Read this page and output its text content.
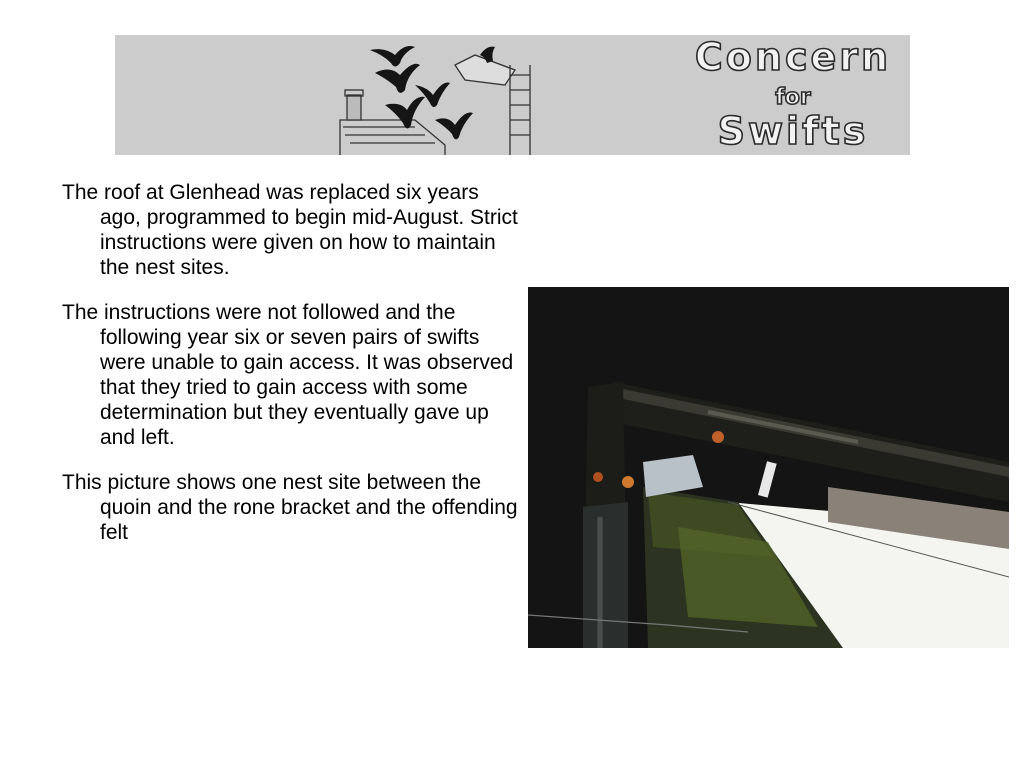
Concern
for
Swifts

The roof at Glenhead was replaced six years ago, programmed to begin mid-August. Strict instructions were given on how to maintain the nest sites.

The instructions were not followed and the following year six or seven pairs of swifts were unable to gain access. It was observed that they tried to gain access with some determination but they eventually gave up and left.

This picture shows one nest site between the quoin and the rone bracket and the offending felt
